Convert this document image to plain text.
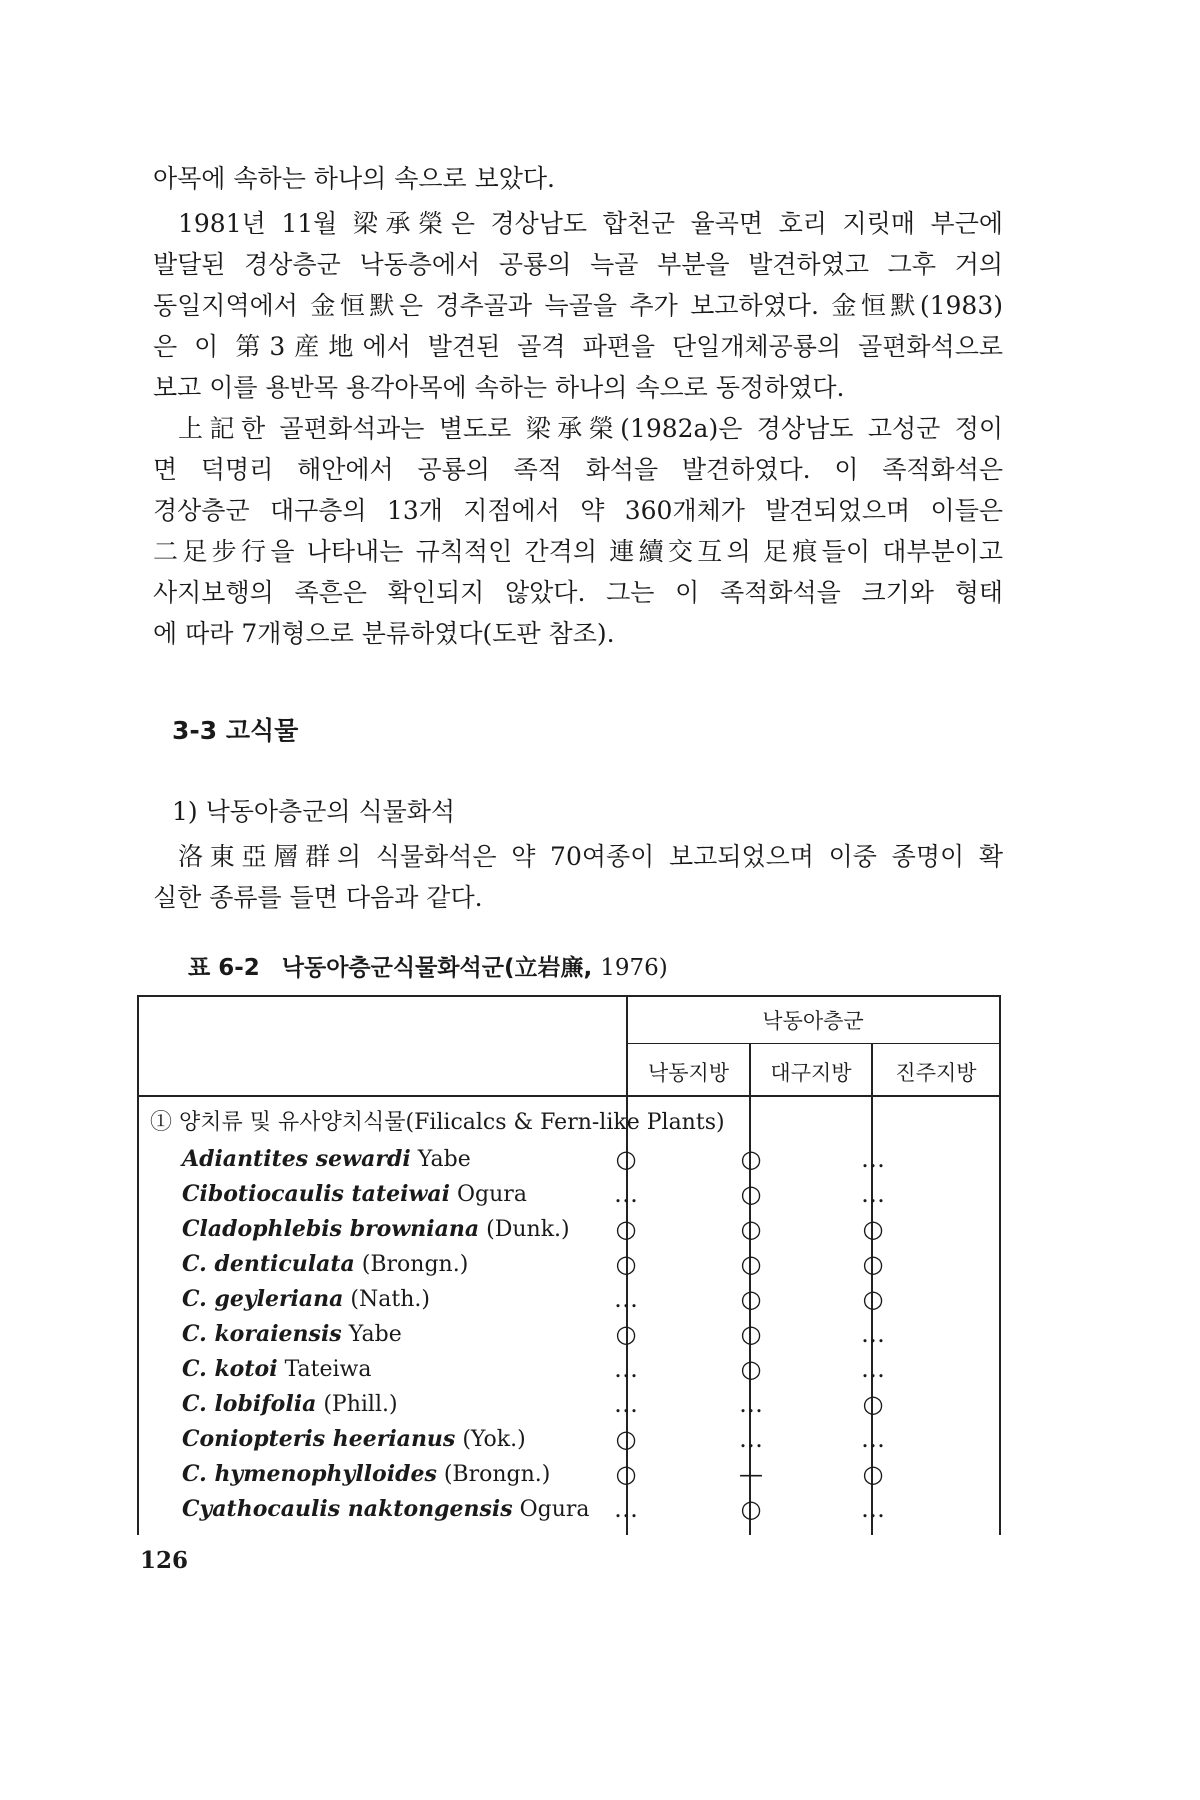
아목에 속하는 하나의 속으로 보았다.
1981년 11월 梁承榮은 경상남도 합천군 율곡면 호리 지릿매 부근에
발달된 경상층군 낙동층에서 공룡의 늑골 부분을 발견하였고 그후 거의
동일지역에서 金恒默은 경추골과 늑골을 추가 보고하였다. 金恒默(1983)
은 이 第3産地에서 발견된 골격 파편을 단일개체공룡의 골편화석으로
보고 이를 용반목 용각아목에 속하는 하나의 속으로 동정하였다.
上記한 골편화석과는 별도로 梁承榮(1982a)은 경상남도 고성군 정이
면 덕명리 해안에서 공룡의 족적 화석을 발견하였다. 이 족적화석은
경상층군 대구층의 13개 지점에서 약 360개체가 발견되었으며 이들은
二足步行을 나타내는 규칙적인 간격의 連續交互의 足痕들이 대부분이고
사지보행의 족흔은 확인되지 않았다. 그는 이 족적화석을 크기와 형태
에 따라 7개형으로 분류하였다(도판 참조).
3-3 고식물
1) 낙동아층군의 식물화석
洛東亞層群의 식물화석은 약 70여종이 보고되었으며 이중 종명이 확
실한 종류를 들면 다음과 같다.
표 6-2 낙동아층군식물화석군(立岩㢘, 1976)
낙동아층군
낙동지방	대구지방	진주지방
① 양치류 및 유사양치식물(Filicalcs & Fern-like Plants)
Adiantites sewardi Yabe	○	○	…
Cibotiocaulis tateiwai Ogura	…	○	…
Cladophlebis browniana (Dunk.)	○	○	○
C. denticulata (Brongn.)	○	○	○
C. geyleriana (Nath.)	…	○	○
C. koraiensis Yabe	○	○	…
C. kotoi Tateiwa	…	○	…
C. lobifolia (Phill.)	…	…	○
Coniopteris heerianus (Yok.)	○	…	…
C. hymenophylloides (Brongn.)	○	—	○
Cyathocaulis naktongensis Ogura	…	○	…
126
